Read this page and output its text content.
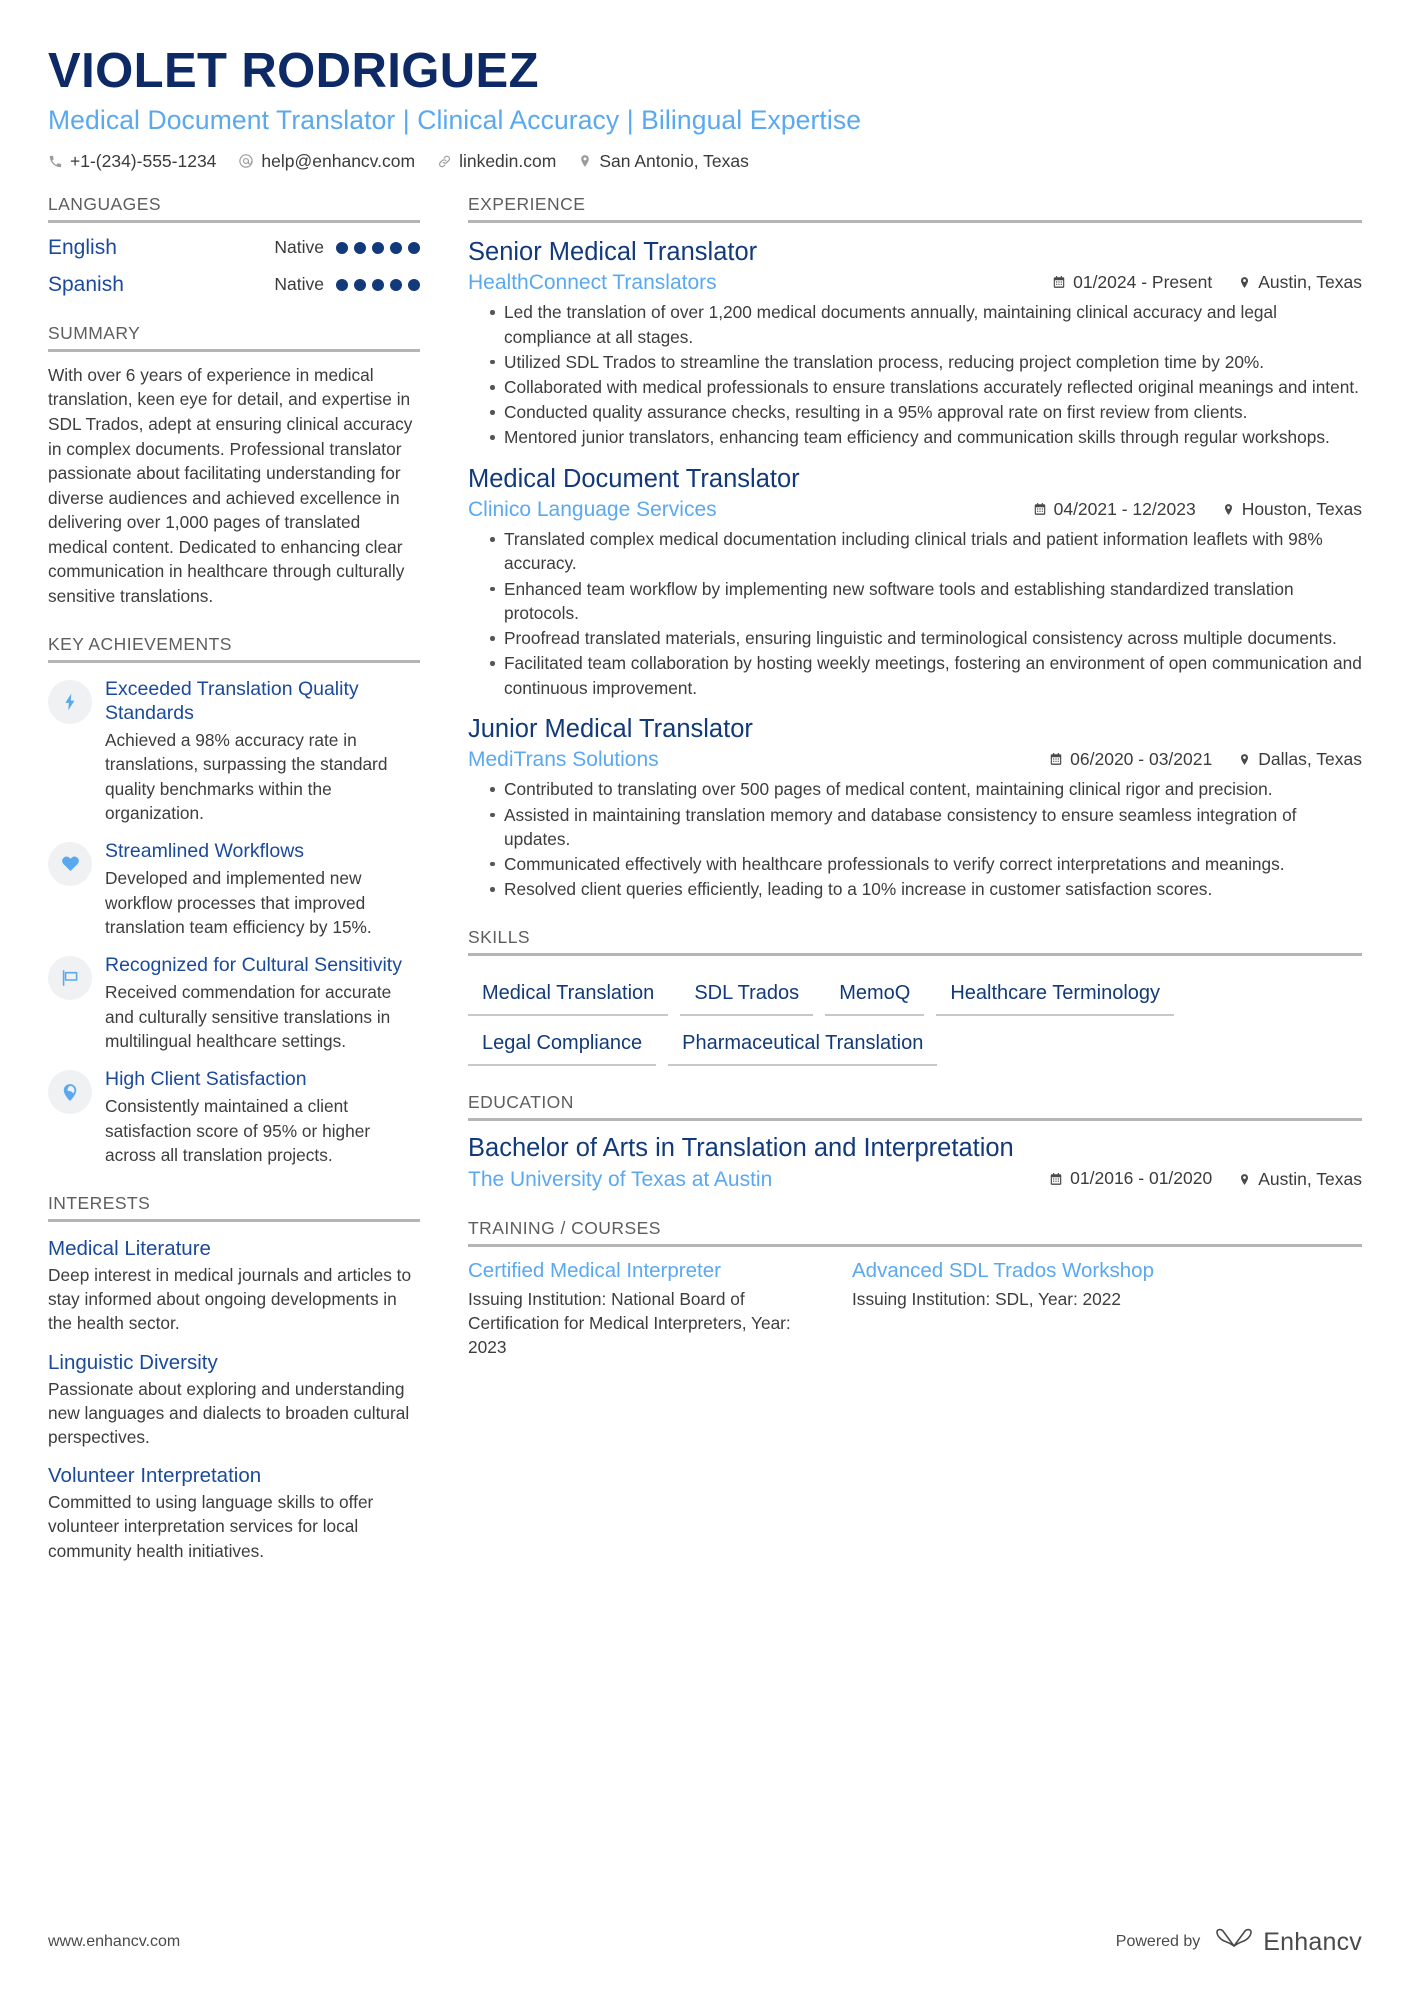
VIOLET RODRIGUEZ
Medical Document Translator | Clinical Accuracy | Bilingual Expertise
+1-(234)-555-1234	help@enhancv.com	linkedin.com San Antonio, Texas
LANGUAGES
English	Native
Spanish	Native
SUMMARY
With over 6 years of experience in medical translation, keen eye for detail, and expertise in SDL Trados, adept at ensuring clinical accuracy in complex documents. Professional translator passionate about facilitating understanding for diverse audiences and achieved excellence in delivering over 1,000 pages of translated medical content. Dedicated to enhancing clear communication in healthcare through culturally sensitive translations.
KEY ACHIEVEMENTS
Exceeded Translation Quality Standards
Achieved a 98% accuracy rate in translations, surpassing the standard quality benchmarks within the organization.
Streamlined Workflows
Developed and implemented new workflow processes that improved translation team efficiency by 15%.
Recognized for Cultural Sensitivity
Received commendation for accurate and culturally sensitive translations in multilingual healthcare settings.
High Client Satisfaction
Consistently maintained a client satisfaction score of 95% or higher across all translation projects.
INTERESTS
Medical Literature
Deep interest in medical journals and articles to stay informed about ongoing developments in the health sector.
Linguistic Diversity
Passionate about exploring and understanding new languages and dialects to broaden cultural perspectives.
Volunteer Interpretation
Committed to using language skills to offer volunteer interpretation services for local community health initiatives.
EXPERIENCE
Senior Medical Translator
HealthConnect Translators	01/2024 - Present	Austin, Texas
Led the translation of over 1,200 medical documents annually, maintaining clinical accuracy and legal compliance at all stages.
Utilized SDL Trados to streamline the translation process, reducing project completion time by 20%.
Collaborated with medical professionals to ensure translations accurately reflected original meanings and intent.
Conducted quality assurance checks, resulting in a 95% approval rate on first review from clients.
Mentored junior translators, enhancing team efficiency and communication skills through regular workshops.
Medical Document Translator
Clinico Language Services	04/2021 - 12/2023	Houston, Texas
Translated complex medical documentation including clinical trials and patient information leaflets with 98% accuracy.
Enhanced team workflow by implementing new software tools and establishing standardized translation protocols.
Proofread translated materials, ensuring linguistic and terminological consistency across multiple documents.
Facilitated team collaboration by hosting weekly meetings, fostering an environment of open communication and continuous improvement.
Junior Medical Translator
MediTrans Solutions	06/2020 - 03/2021	Dallas, Texas
Contributed to translating over 500 pages of medical content, maintaining clinical rigor and precision.
Assisted in maintaining translation memory and database consistency to ensure seamless integration of updates.
Communicated effectively with healthcare professionals to verify correct interpretations and meanings.
Resolved client queries efficiently, leading to a 10% increase in customer satisfaction scores.
SKILLS
Medical Translation	SDL Trados	MemoQ	Healthcare Terminology
Legal Compliance	Pharmaceutical Translation
EDUCATION
Bachelor of Arts in Translation and Interpretation
The University of Texas at Austin	01/2016 - 01/2020	Austin, Texas
TRAINING / COURSES
Certified Medical Interpreter
Issuing Institution: National Board of Certification for Medical Interpreters, Year: 2023
Advanced SDL Trados Workshop
Issuing Institution: SDL, Year: 2022
www.enhancv.com	Powered by	Enhancv
